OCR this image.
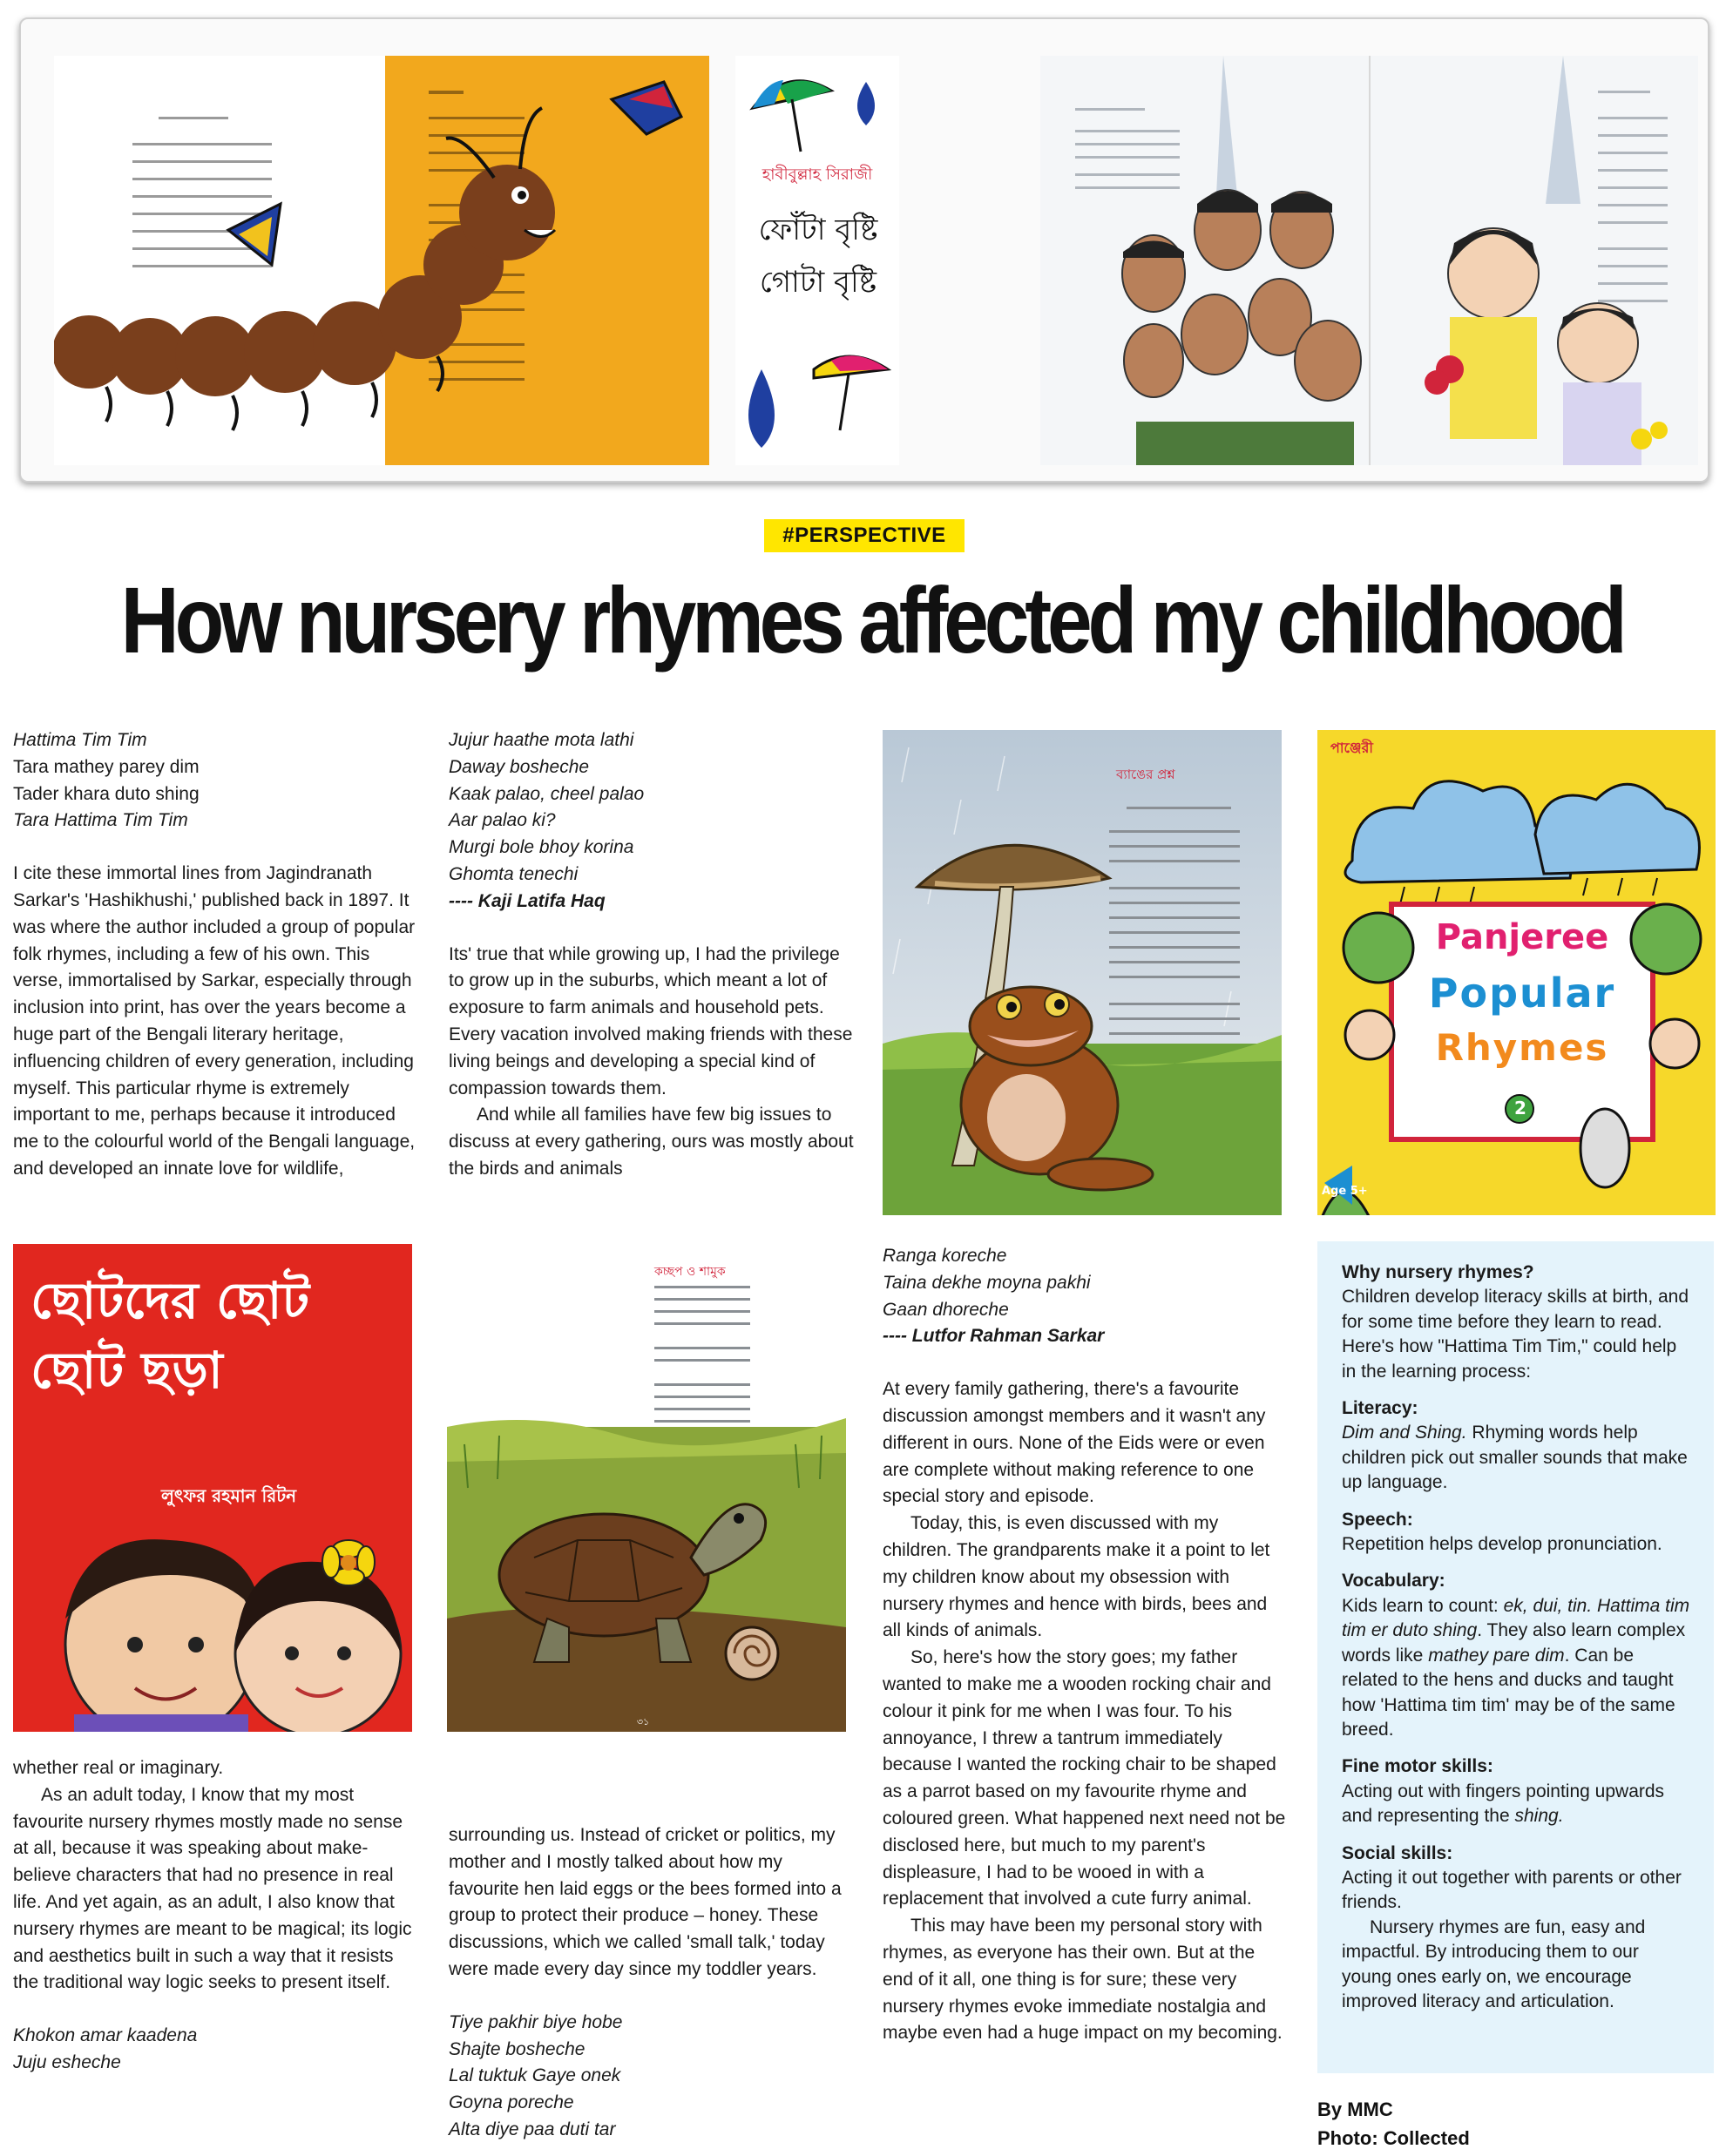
হাবীবুল্লাহ সিরাজী
ফোঁটা বৃষ্টি গোটা বৃষ্টি
#PERSPECTIVE
How nursery rhymes affected my childhood

Hattima Tim Tim

Tara mathey parey dim

Tader khara duto shing

Tara Hattima Tim Tim

I cite these immortal lines from Jagindranath Sarkar's 'Hashikhushi,' published back in 1897. It was where the author included a group of popular folk rhymes, including a few of his own. This verse, immortalised by Sarkar, especially through inclusion into print, has over the years become a huge part of the Bengali literary heritage, influencing children of every generation, including myself. This particular rhyme is extremely important to me, perhaps because it introduced me to the colourful world of the Bengali language, and developed an innate love for wildlife,

Jujur haathe mota lathi

Daway bosheche

Kaak palao, cheel palao

Aar palao ki?

Murgi bole bhoy korina

Ghomta tenechi

---- Kaji Latifa Haq

Its' true that while growing up, I had the privilege to grow up in the suburbs, which meant a lot of exposure to farm animals and household pets. Every vacation involved making friends with these living beings and developing a special kind of compassion towards them.

And while all families have few big issues to discuss at every gathering, ours was mostly about the birds and animals

ব্যাঙের প্রশ্ন
পাঞ্জেরী
Panjeree
Popular
Rhymes
2
Age 5+
ছোটদের ছোট ছোট ছড়া
লুৎফর রহমান রিটন
৩১
কচ্ছপ ও শামুক

whether real or imaginary.

As an adult today, I know that my most favourite nursery rhymes mostly made no sense at all, because it was speaking about make-believe characters that had no presence in real life. And yet again, as an adult, I also know that nursery rhymes are meant to be magical; its logic and aesthetics built in such a way that it resists the traditional way logic seeks to present itself.

Khokon amar kaadena

Juju esheche

surrounding us. Instead of cricket or politics, my mother and I mostly talked about how my favourite hen laid eggs or the bees formed into a group to protect their produce – honey. These discussions, which we called 'small talk,' today were made every day since my toddler years.

Tiye pakhir biye hobe

Shajte bosheche

Lal tuktuk Gaye onek

Goyna poreche

Alta diye paa duti tar

Ranga koreche

Taina dekhe moyna pakhi

Gaan dhoreche

---- Lutfor Rahman Sarkar

At every family gathering, there's a favourite discussion amongst members and it wasn't any different in ours. None of the Eids were or even are complete without making reference to one special story and episode.

Today, this, is even discussed with my children. The grandparents make it a point to let my children know about my obsession with nursery rhymes and hence with birds, bees and all kinds of animals.

So, here's how the story goes; my father wanted to make me a wooden rocking chair and colour it pink for me when I was four. To his annoyance, I threw a tantrum immediately because I wanted the rocking chair to be shaped as a parrot based on my favourite rhyme and coloured green. What happened next need not be disclosed here, but much to my parent's displeasure, I had to be wooed in with a replacement that involved a cute furry animal.

This may have been my personal story with rhymes, as everyone has their own. But at the end of it all, one thing is for sure; these very nursery rhymes evoke immediate nostalgia and maybe even had a huge impact on my becoming.

Why nursery rhymes?
Children develop literacy skills at birth, and for some time before they learn to read. Here's how "Hattima Tim Tim," could help in the learning process:
Literacy:
Dim and Shing. Rhyming words help children pick out smaller sounds that make up language.
Speech:
Repetition helps develop pronunciation.
Vocabulary:
Kids learn to count: ek, dui, tin. Hattima tim tim er duto shing. They also learn complex words like mathey pare dim. Can be related to the hens and ducks and taught how 'Hattima tim tim' may be of the same breed.
Fine motor skills:
Acting out with fingers pointing upwards and representing the shing.
Social skills:
Acting it out together with parents or other friends.
Nursery rhymes are fun, easy and impactful. By introducing them to our young ones early on, we encourage improved literacy and articulation.
By MMC
Photo: Collected
